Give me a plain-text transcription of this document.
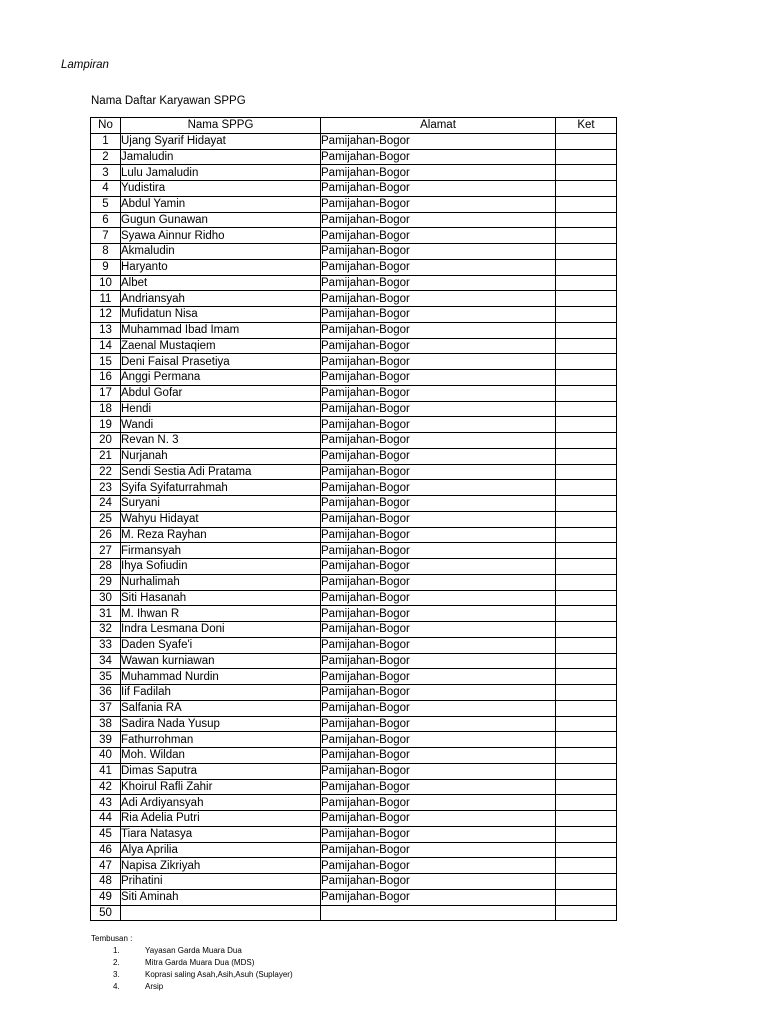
Lampiran
Nama Daftar Karyawan SPPG
No	Nama SPPG	Alamat	Ket
1	Ujang Syarif Hidayat	Pamijahan-Bogor	
2	Jamaludin	Pamijahan-Bogor	
3	Lulu Jamaludin	Pamijahan-Bogor	
4	Yudistira	Pamijahan-Bogor	
5	Abdul Yamin	Pamijahan-Bogor	
6	Gugun Gunawan	Pamijahan-Bogor	
7	Syawa Ainnur Ridho	Pamijahan-Bogor	
8	Akmaludin	Pamijahan-Bogor	
9	Haryanto	Pamijahan-Bogor	
10	Albet	Pamijahan-Bogor	
11	Andriansyah	Pamijahan-Bogor	
12	Mufidatun Nisa	Pamijahan-Bogor	
13	Muhammad Ibad Imam	Pamijahan-Bogor	
14	Zaenal Mustaqiem	Pamijahan-Bogor	
15	Deni Faisal Prasetiya	Pamijahan-Bogor	
16	Anggi Permana	Pamijahan-Bogor	
17	Abdul Gofar	Pamijahan-Bogor	
18	Hendi	Pamijahan-Bogor	
19	Wandi	Pamijahan-Bogor	
20	Revan N. 3	Pamijahan-Bogor	
21	Nurjanah	Pamijahan-Bogor	
22	Sendi Sestia Adi Pratama	Pamijahan-Bogor	
23	Syifa Syifaturrahmah	Pamijahan-Bogor	
24	Suryani	Pamijahan-Bogor	
25	Wahyu Hidayat	Pamijahan-Bogor	
26	M. Reza Rayhan	Pamijahan-Bogor	
27	Firmansyah	Pamijahan-Bogor	
28	Ihya Sofiudin	Pamijahan-Bogor	
29	Nurhalimah	Pamijahan-Bogor	
30	Siti Hasanah	Pamijahan-Bogor	
31	M. Ihwan R	Pamijahan-Bogor	
32	Indra Lesmana Doni	Pamijahan-Bogor	
33	Daden Syafe'i	Pamijahan-Bogor	
34	Wawan kurniawan	Pamijahan-Bogor	
35	Muhammad Nurdin	Pamijahan-Bogor	
36	Iif Fadilah	Pamijahan-Bogor	
37	Salfania RA	Pamijahan-Bogor	
38	Sadira Nada Yusup	Pamijahan-Bogor	
39	Fathurrohman	Pamijahan-Bogor	
40	Moh. Wildan	Pamijahan-Bogor	
41	Dimas Saputra	Pamijahan-Bogor	
42	Khoirul Rafli Zahir	Pamijahan-Bogor	
43	Adi Ardiyansyah	Pamijahan-Bogor	
44	Ria Adelia Putri	Pamijahan-Bogor	
45	Tiara Natasya	Pamijahan-Bogor	
46	Alya Aprilia	Pamijahan-Bogor	
47	Napisa Zikriyah	Pamijahan-Bogor	
48	Prihatini	Pamijahan-Bogor	
49	Siti Aminah	Pamijahan-Bogor	
50			
Tembusan :
1.	Yayasan Garda Muara Dua
2.	Mitra Garda Muara Dua (MDS)
3.	Koprasi saling Asah,Asih,Asuh (Suplayer)
4.	Arsip
